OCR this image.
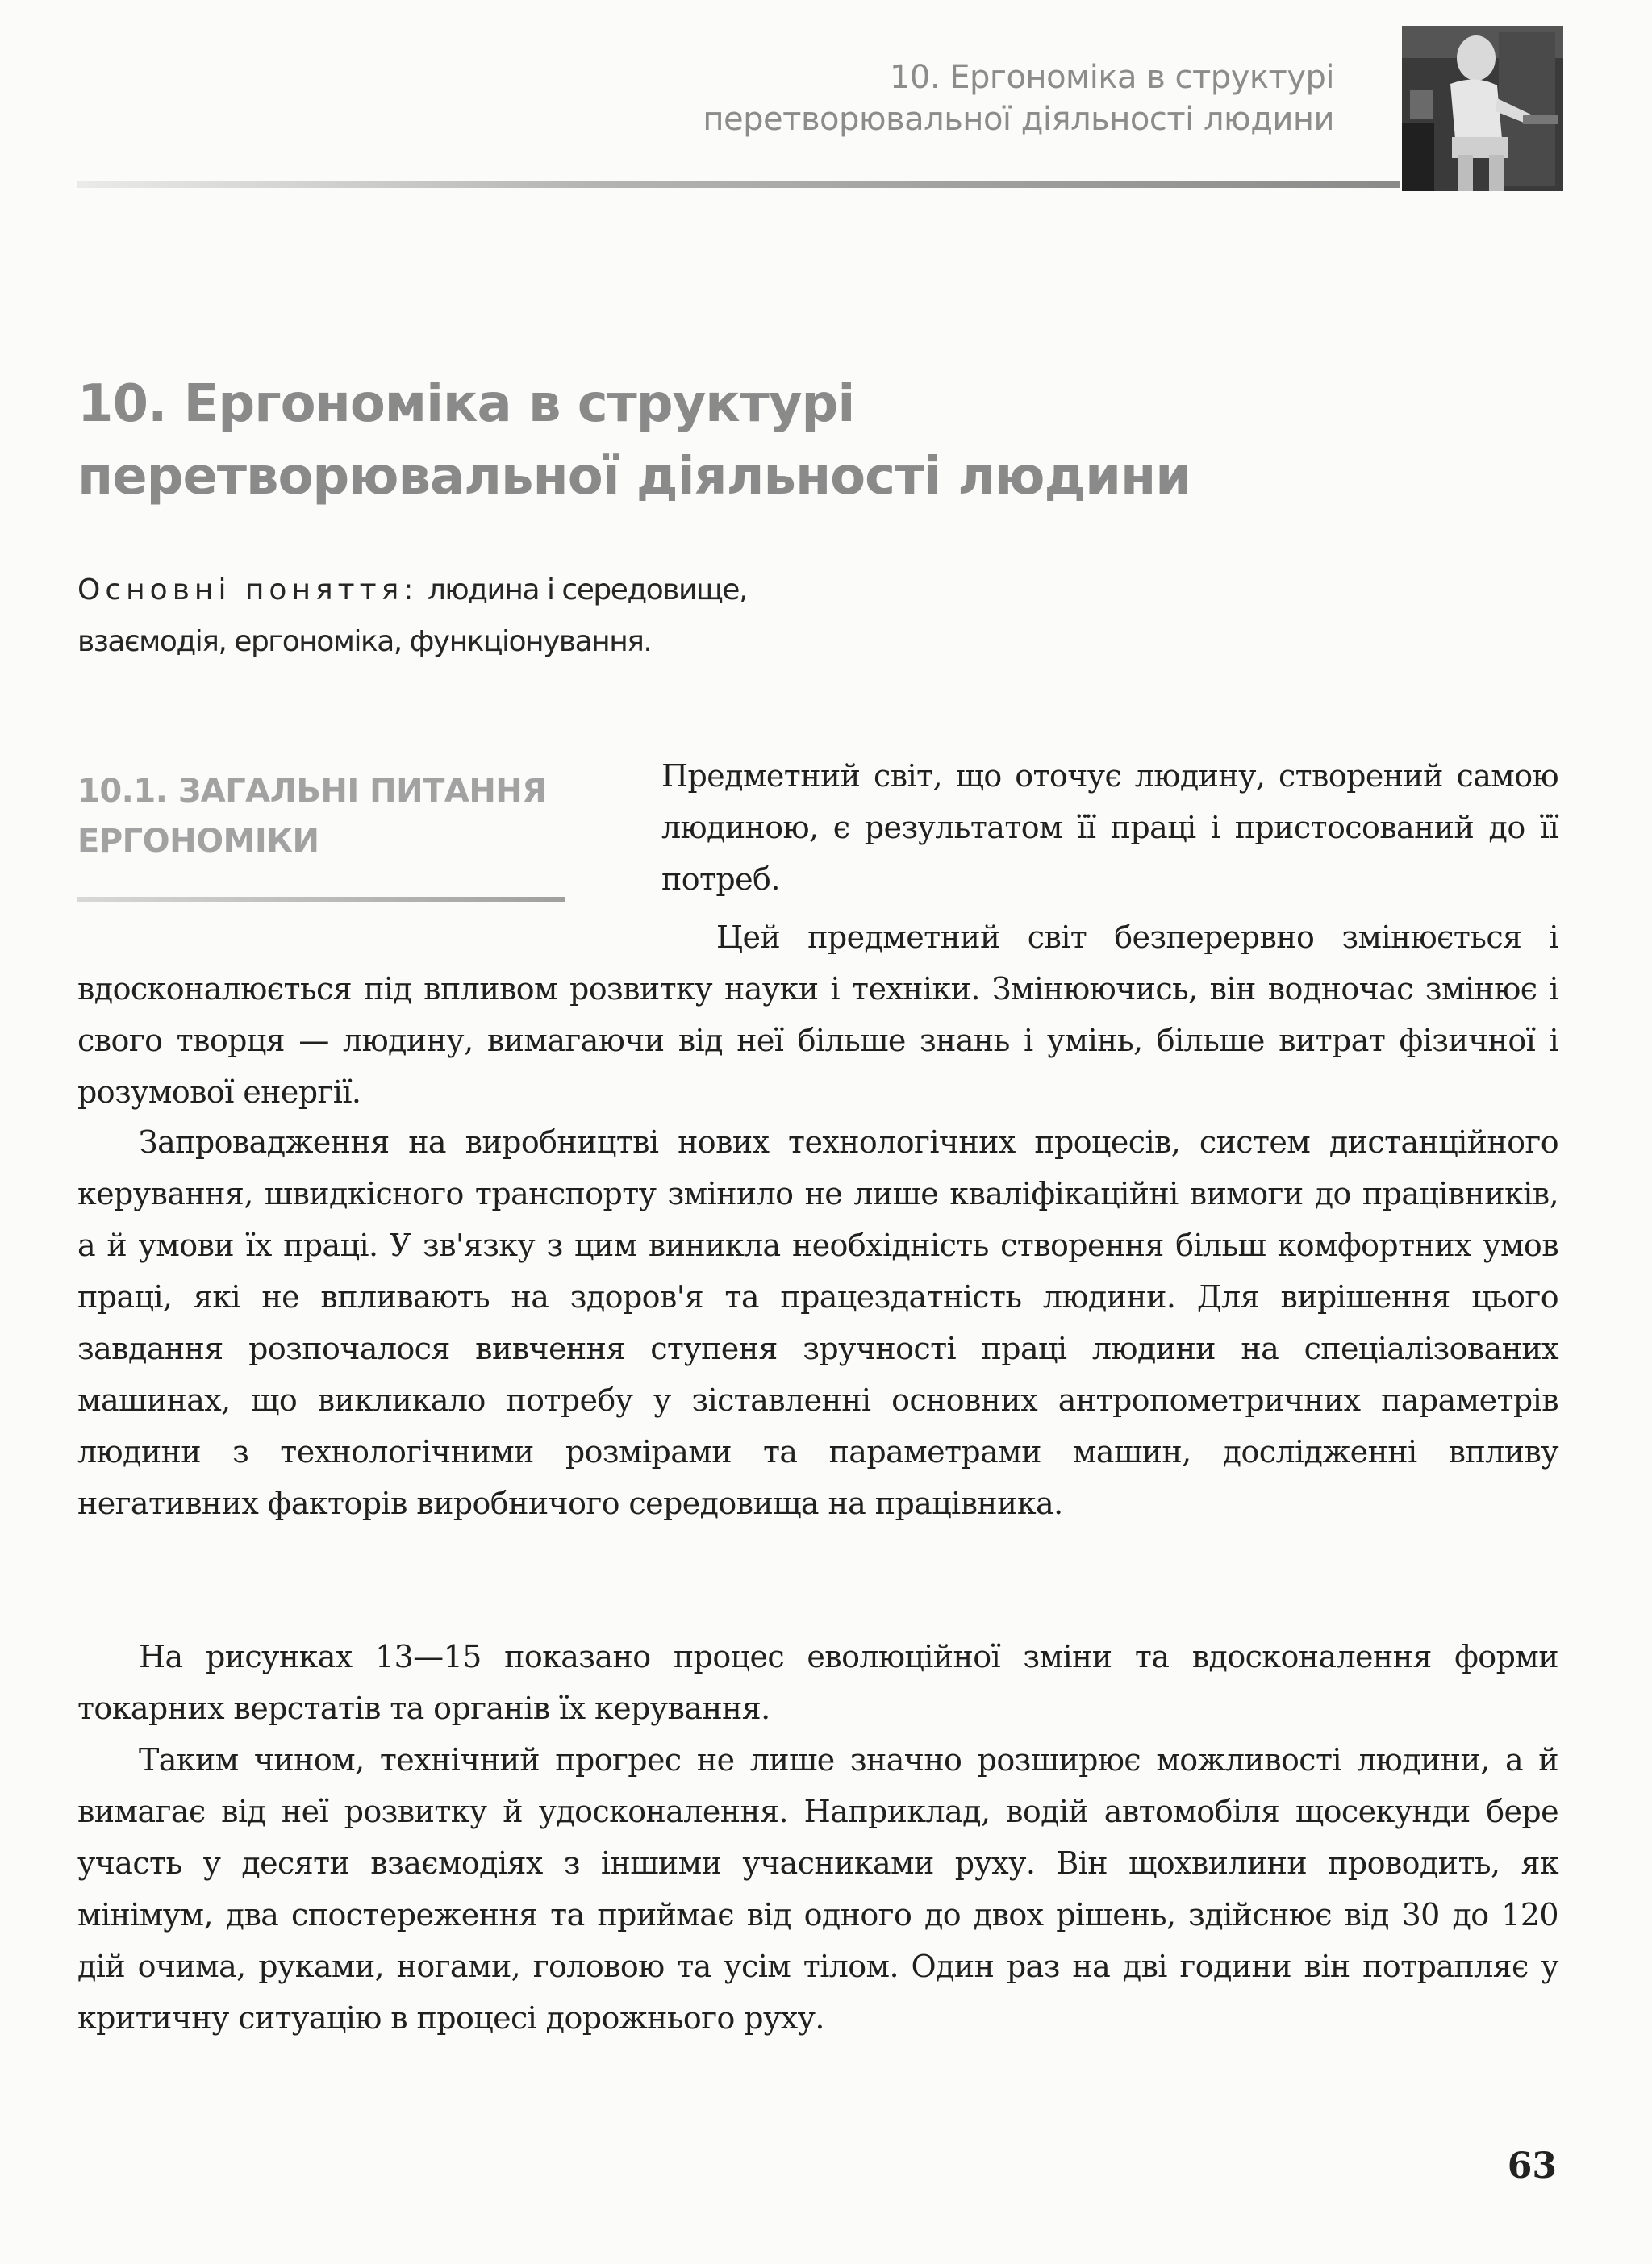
10. Ергономіка в структурі
перетворювальної діяльності людини
10. Ергономіка в структурі
перетворювальної діяльності людини
Основні поняття: людина і середовище,
взаємодія, ергономіка, функціонування.
10.1. ЗАГАЛЬНІ ПИТАННЯ
ЕРГОНОМІКИ

Предметний світ, що оточує людину, створений самою людиною, є результатом її праці і пристосований до її потреб.

Цей предметний світ безперервно змінюється і вдосконалюється під впливом розвитку науки і техніки. Змінюючись, він водночас змінює і свого творця — людину, вимагаючи від неї більше знань і умінь, більше витрат фізичної і розумової енергії.

Запровадження на виробництві нових технологічних процесів, систем дистанційного керування, швидкісного транспорту змінило не лише кваліфікаційні вимоги до працівників, а й умови їх праці. У зв'язку з цим виникла необхідність створення більш комфортних умов праці, які не впливають на здоров'я та працездатність людини. Для вирішення цього завдання розпочалося вивчення ступеня зручності праці людини на спеціалізованих машинах, що викликало потребу у зіставленні основних антропометричних параметрів людини з технологічними розмірами та параметрами машин, дослідженні впливу негативних факторів виробничого середовища на працівника.

На рисунках 13—15 показано процес еволюційної зміни та вдосконалення форми токарних верстатів та органів їх керування.

Таким чином, технічний прогрес не лише значно розширює можливості людини, а й вимагає від неї розвитку й удосконалення. Наприклад, водій автомобіля щосекунди бере участь у десяти взаємодіях з іншими учасниками руху. Він щохвилини проводить, як мінімум, два спостереження та приймає від одного до двох рішень, здійснює від 30 до 120 дій очима, руками, ногами, головою та усім тілом. Один раз на дві години він потрапляє у критичну ситуацію в процесі дорожнього руху.

63
